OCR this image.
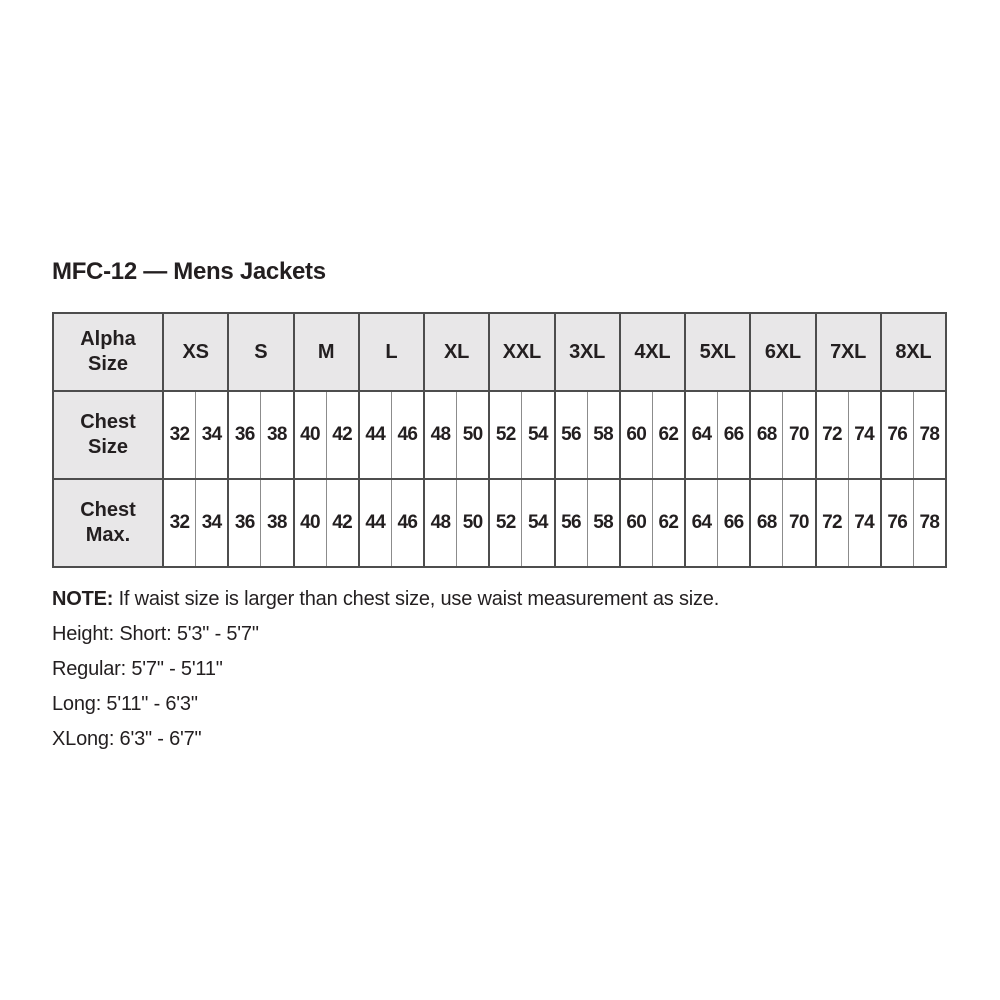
MFC-12 — Mens Jackets
Alpha Size	XS		S		M		L		XL		XXL		3XL		4XL		5XL		6XL		7XL		8XL	
Chest Size	32	34	36	38	40	42	44	46	48	50	52	54	56	58	60	62	64	66	68	70	72	74	76	78
Chest Max.	32	34	36	38	40	42	44	46	48	50	52	54	56	58	60	62	64	66	68	70	72	74	76	78
NOTE: If waist size is larger than chest size, use waist measurement as size.
Height: Short: 5'3" - 5'7"
Regular: 5'7" - 5'11"
Long: 5'11" - 6'3"
XLong: 6'3" - 6'7"
